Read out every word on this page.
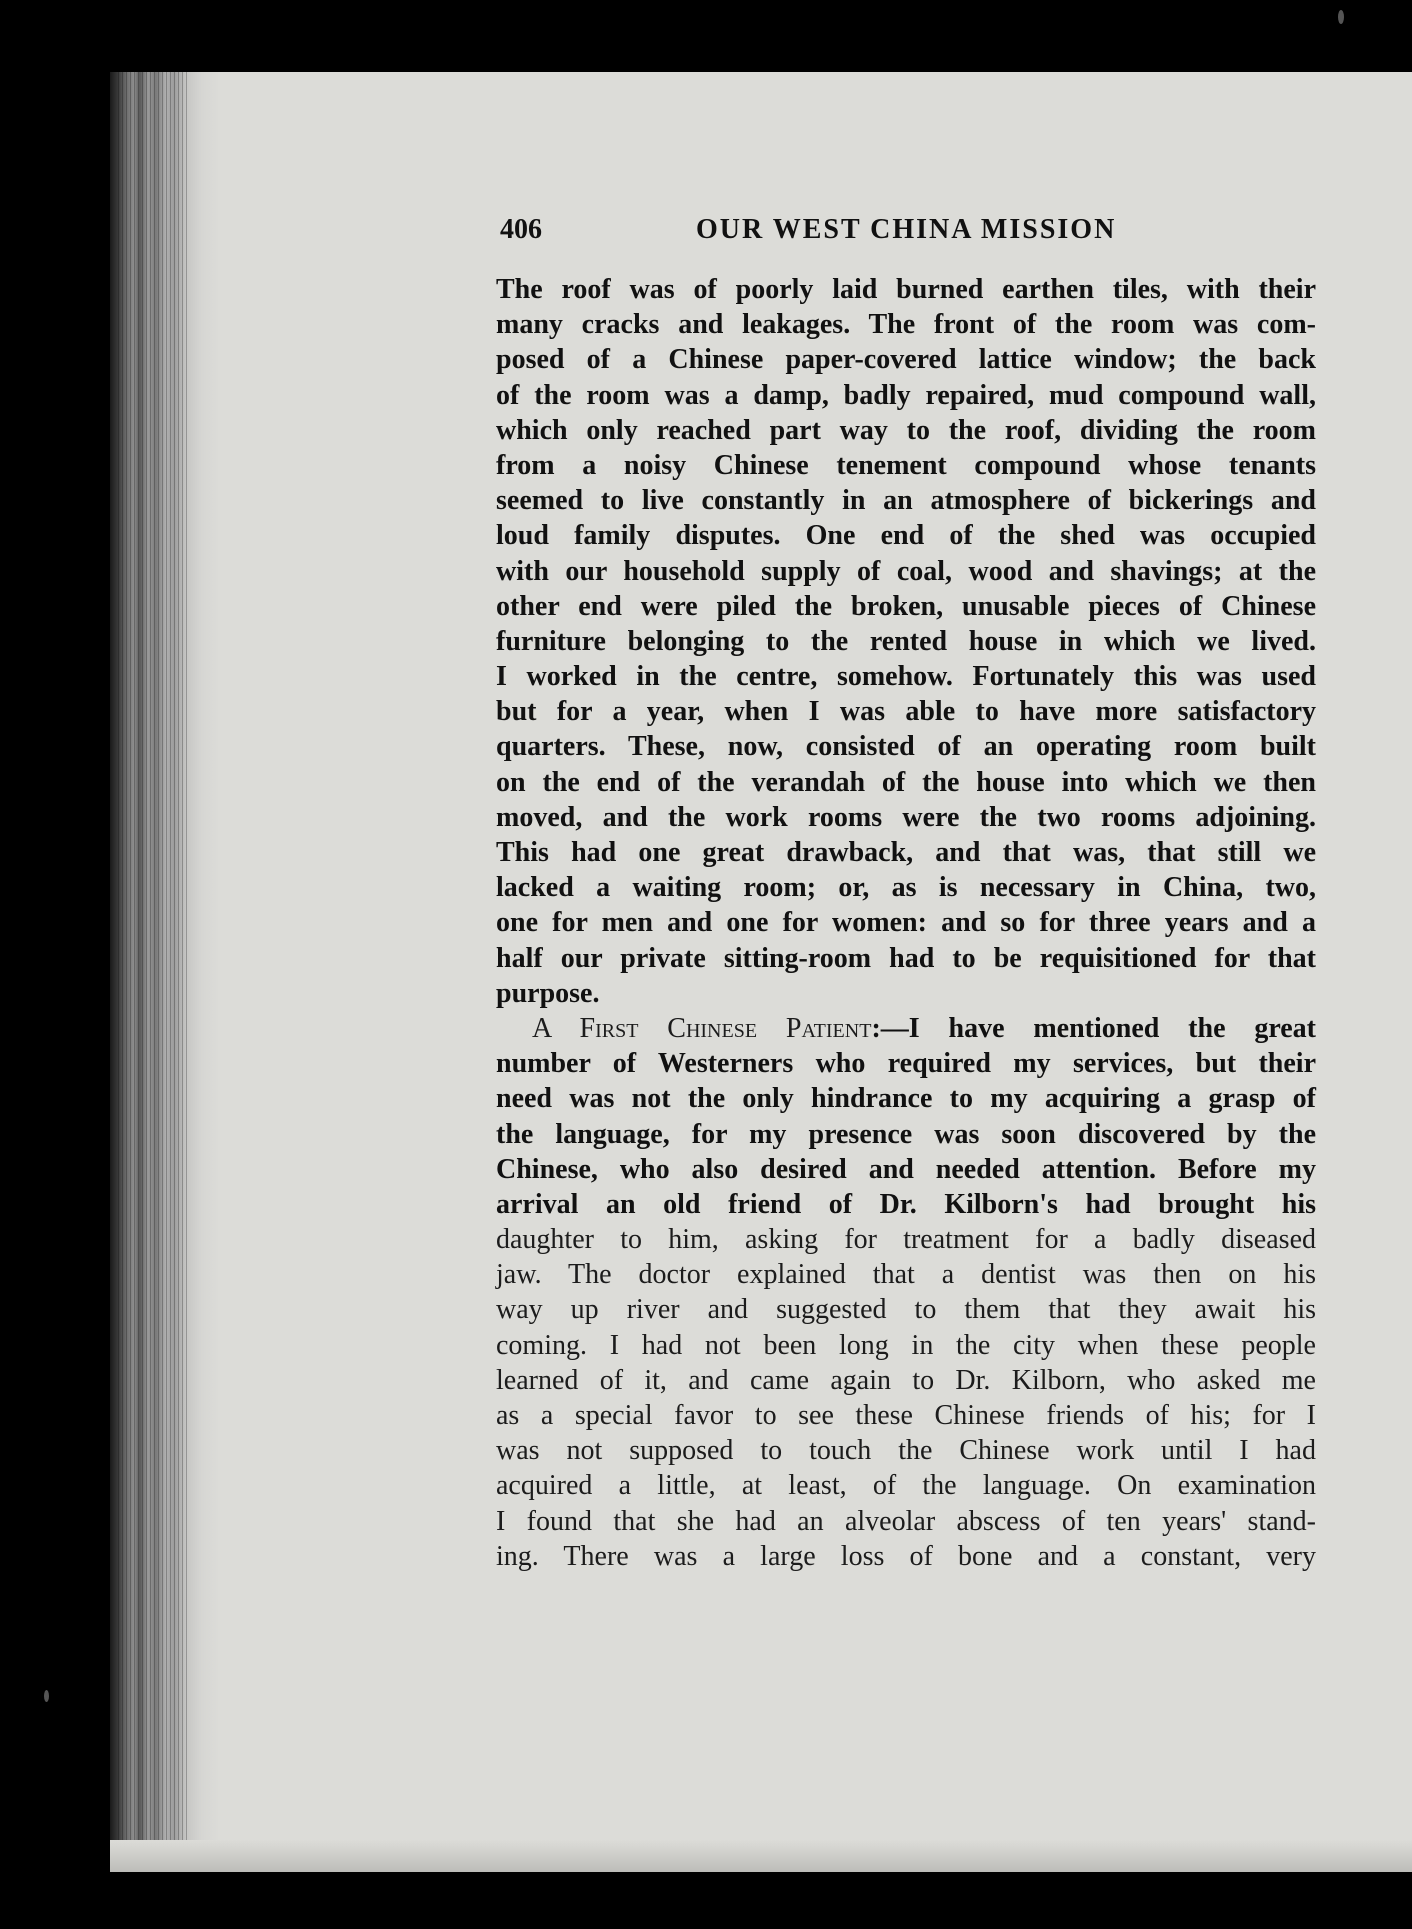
406	OUR WEST CHINA MISSION
The roof was of poorly laid burned earthen tiles, with their
many cracks and leakages. The front of the room was com-
posed of a Chinese paper-covered lattice window; the back
of the room was a damp, badly repaired, mud compound wall,
which only reached part way to the roof, dividing the room
from a noisy Chinese tenement compound whose tenants
seemed to live constantly in an atmosphere of bickerings and
loud family disputes. One end of the shed was occupied
with our household supply of coal, wood and shavings; at the
other end were piled the broken, unusable pieces of Chinese
furniture belonging to the rented house in which we lived.
I worked in the centre, somehow. Fortunately this was used
but for a year, when I was able to have more satisfactory
quarters. These, now, consisted of an operating room built
on the end of the verandah of the house into which we then
moved, and the work rooms were the two rooms adjoining.
This had one great drawback, and that was, that still we
lacked a waiting room; or, as is necessary in China, two,
one for men and one for women: and so for three years and a
half our private sitting-room had to be requisitioned for that
purpose.
A First Chinese Patient:—I have mentioned the great
number of Westerners who required my services, but their
need was not the only hindrance to my acquiring a grasp of
the language, for my presence was soon discovered by the
Chinese, who also desired and needed attention. Before my
arrival an old friend of Dr. Kilborn's had brought his
daughter to him, asking for treatment for a badly diseased
jaw. The doctor explained that a dentist was then on his
way up river and suggested to them that they await his
coming. I had not been long in the city when these people
learned of it, and came again to Dr. Kilborn, who asked me
as a special favor to see these Chinese friends of his; for I
was not supposed to touch the Chinese work until I had
acquired a little, at least, of the language. On examination
I found that she had an alveolar abscess of ten years' stand-
ing. There was a large loss of bone and a constant, very
